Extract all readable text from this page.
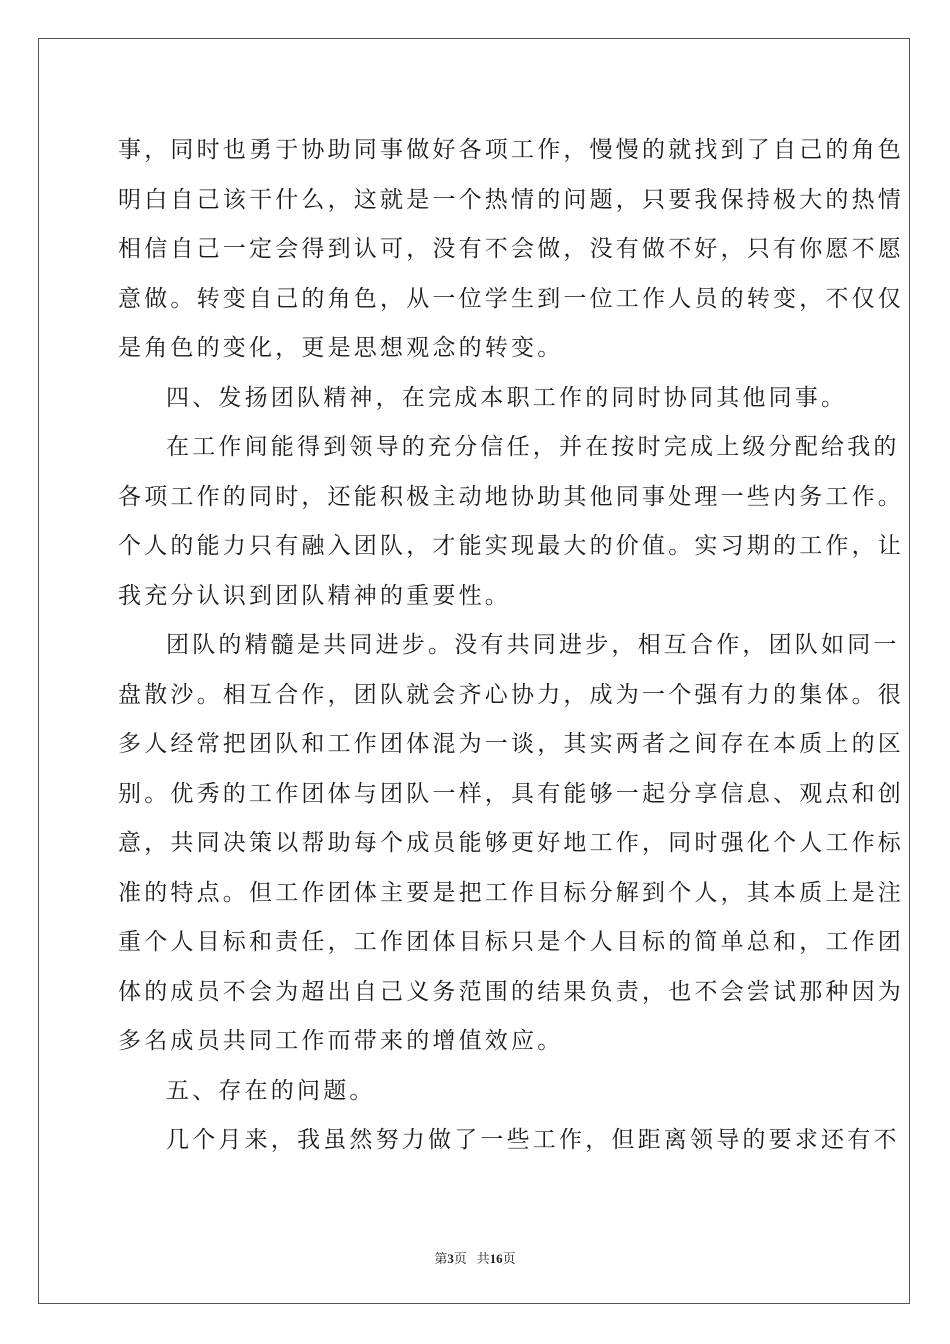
事，同时也勇于协助同事做好各项工作，慢慢的就找到了自己的角色
明白自己该干什么，这就是一个热情的问题，只要我保持极大的热情
相信自己一定会得到认可，没有不会做，没有做不好，只有你愿不愿
意做。转变自己的角色，从一位学生到一位工作人员的转变，不仅仅
是角色的变化，更是思想观念的转变。
四、发扬团队精神，在完成本职工作的同时协同其他同事。
在工作间能得到领导的充分信任，并在按时完成上级分配给我的
各项工作的同时，还能积极主动地协助其他同事处理一些内务工作。
个人的能力只有融入团队，才能实现最大的价值。实习期的工作，让
我充分认识到团队精神的重要性。
团队的精髓是共同进步。没有共同进步，相互合作，团队如同一
盘散沙。相互合作，团队就会齐心协力，成为一个强有力的集体。很
多人经常把团队和工作团体混为一谈，其实两者之间存在本质上的区
别。优秀的工作团体与团队一样，具有能够一起分享信息、观点和创
意，共同决策以帮助每个成员能够更好地工作，同时强化个人工作标
准的特点。但工作团体主要是把工作目标分解到个人，其本质上是注
重个人目标和责任，工作团体目标只是个人目标的简单总和，工作团
体的成员不会为超出自己义务范围的结果负责，也不会尝试那种因为
多名成员共同工作而带来的增值效应。
五、存在的问题。
几个月来，我虽然努力做了一些工作，但距离领导的要求还有不
第3页 共16页
